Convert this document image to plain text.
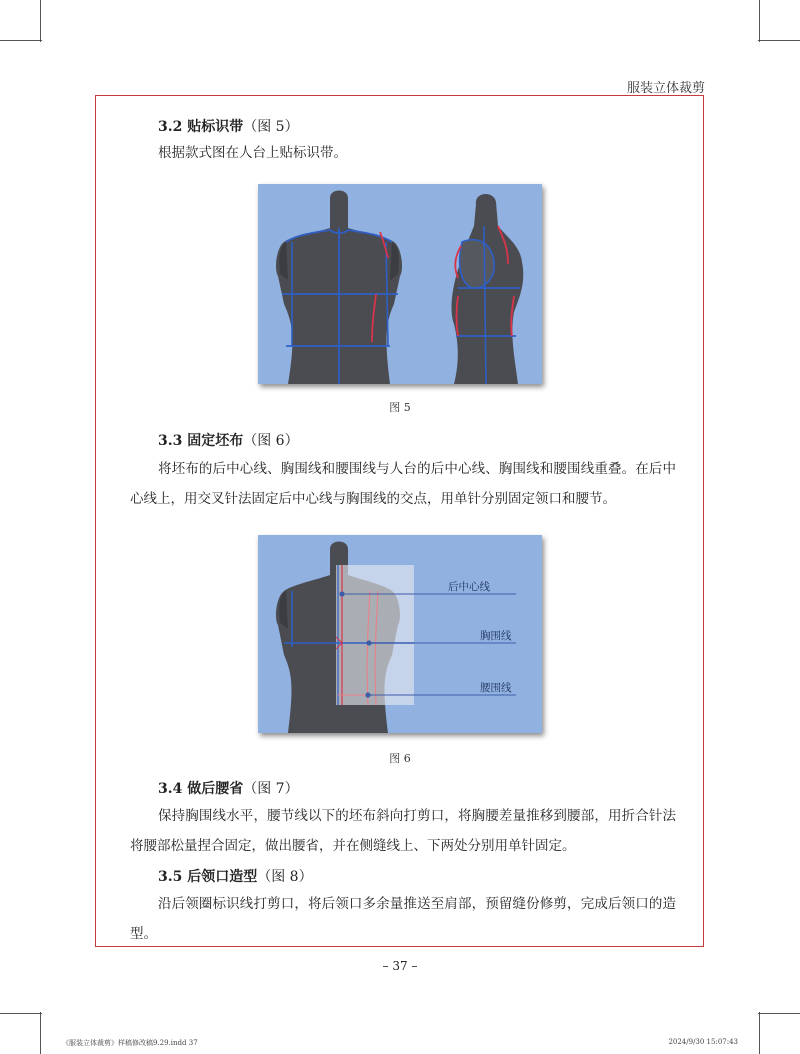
服装立体裁剪
3.2 贴标识带（图 5）
根据款式图在人台上贴标识带。
图 5
3.3 固定坯布（图 6）
将坯布的后中心线、胸围线和腰围线与人台的后中心线、胸围线和腰围线重叠。在后中心线上，用交叉针法固定后中心线与胸围线的交点，用单针分别固定领口和腰节。
后中心线
胸围线
腰围线
图 6
3.4 做后腰省（图 7）
保持胸围线水平，腰节线以下的坯布斜向打剪口，将胸腰差量推移到腰部，用折合针法将腰部松量捏合固定，做出腰省，并在侧缝线上、下两处分别用单针固定。
3.5 后领口造型（图 8）
沿后领圈标识线打剪口，将后领口多余量推送至肩部，预留缝份修剪，完成后领口的造型。
– 37 –
《服装立体裁剪》样稿修改稿9.29.indd 37	2024/9/30 15:07:43
